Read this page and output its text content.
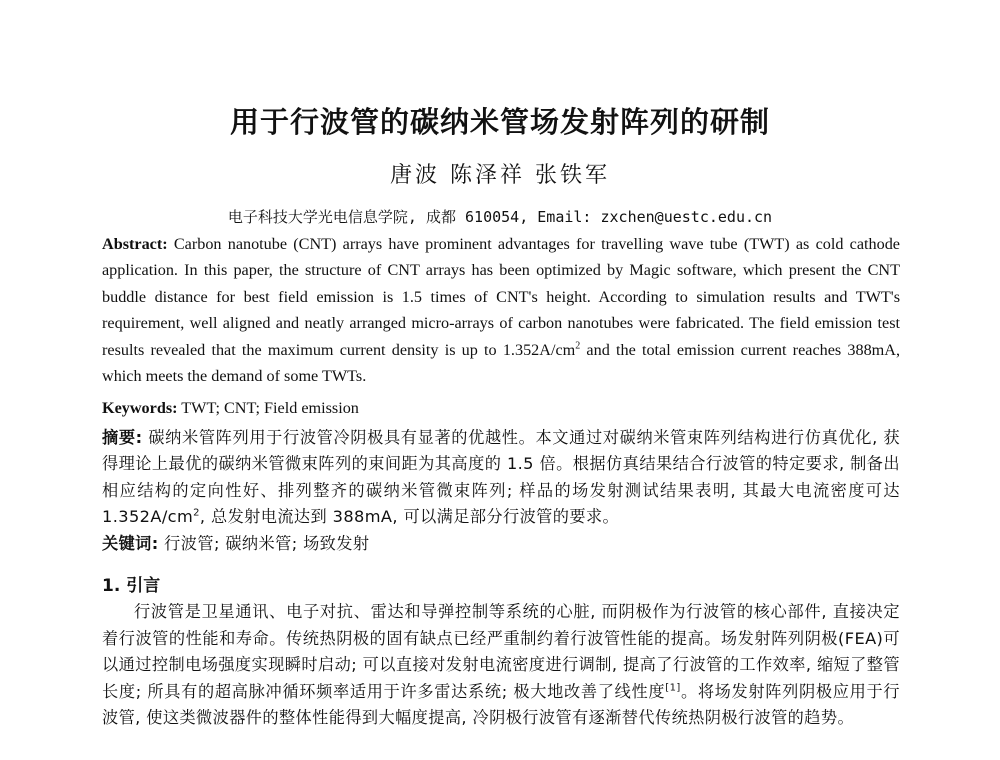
用于行波管的碳纳米管场发射阵列的研制
唐波 陈泽祥 张铁军
电子科技大学光电信息学院, 成都 610054, Email: zxchen@uestc.edu.cn
Abstract: Carbon nanotube (CNT) arrays have prominent advantages for travelling wave tube (TWT) as cold cathode application. In this paper, the structure of CNT arrays has been optimized by Magic software, which present the CNT buddle distance for best field emission is 1.5 times of CNT's height. According to simulation results and TWT's requirement, well aligned and neatly arranged micro-arrays of carbon nanotubes were fabricated. The field emission test results revealed that the maximum current density is up to $1.352A/cm^2$ and the total emission current reaches 388mA, which meets the demand of some TWTs.
Keywords: TWT; CNT; Field emission
摘要: 碳纳米管阵列用于行波管冷阴极具有显著的优越性。本文通过对碳纳米管束阵列结构进行仿真优化, 获得理论上最优的碳纳米管微束阵列的束间距为其高度的 1.5 倍。根据仿真结果结合行波管的特定要求, 制备出相应结构的定向性好、排列整齐的碳纳米管微束阵列; 样品的场发射测试结果表明, 其最大电流密度可达 $1.352A/cm^2$, 总发射电流达到 388mA, 可以满足部分行波管的要求。
关键词: 行波管; 碳纳米管; 场致发射
1. 引言
行波管是卫星通讯、电子对抗、雷达和导弹控制等系统的心脏, 而阴极作为行波管的核心部件, 直接决定着行波管的性能和寿命。传统热阴极的固有缺点已经严重制约着行波管性能的提高。场发射阵列阴极(FEA)可以通过控制电场强度实现瞬时启动; 可以直接对发射电流密度进行调制, 提高了行波管的工作效率, 缩短了整管长度; 所具有的超高脉冲循环频率适用于许多雷达系统; 极大地改善了线性度[1]。将场发射阵列阴极应用于行波管, 使这类微波器件的整体性能得到大幅度提高, 冷阴极行波管有逐渐替代传统热阴极行波管的趋势。
